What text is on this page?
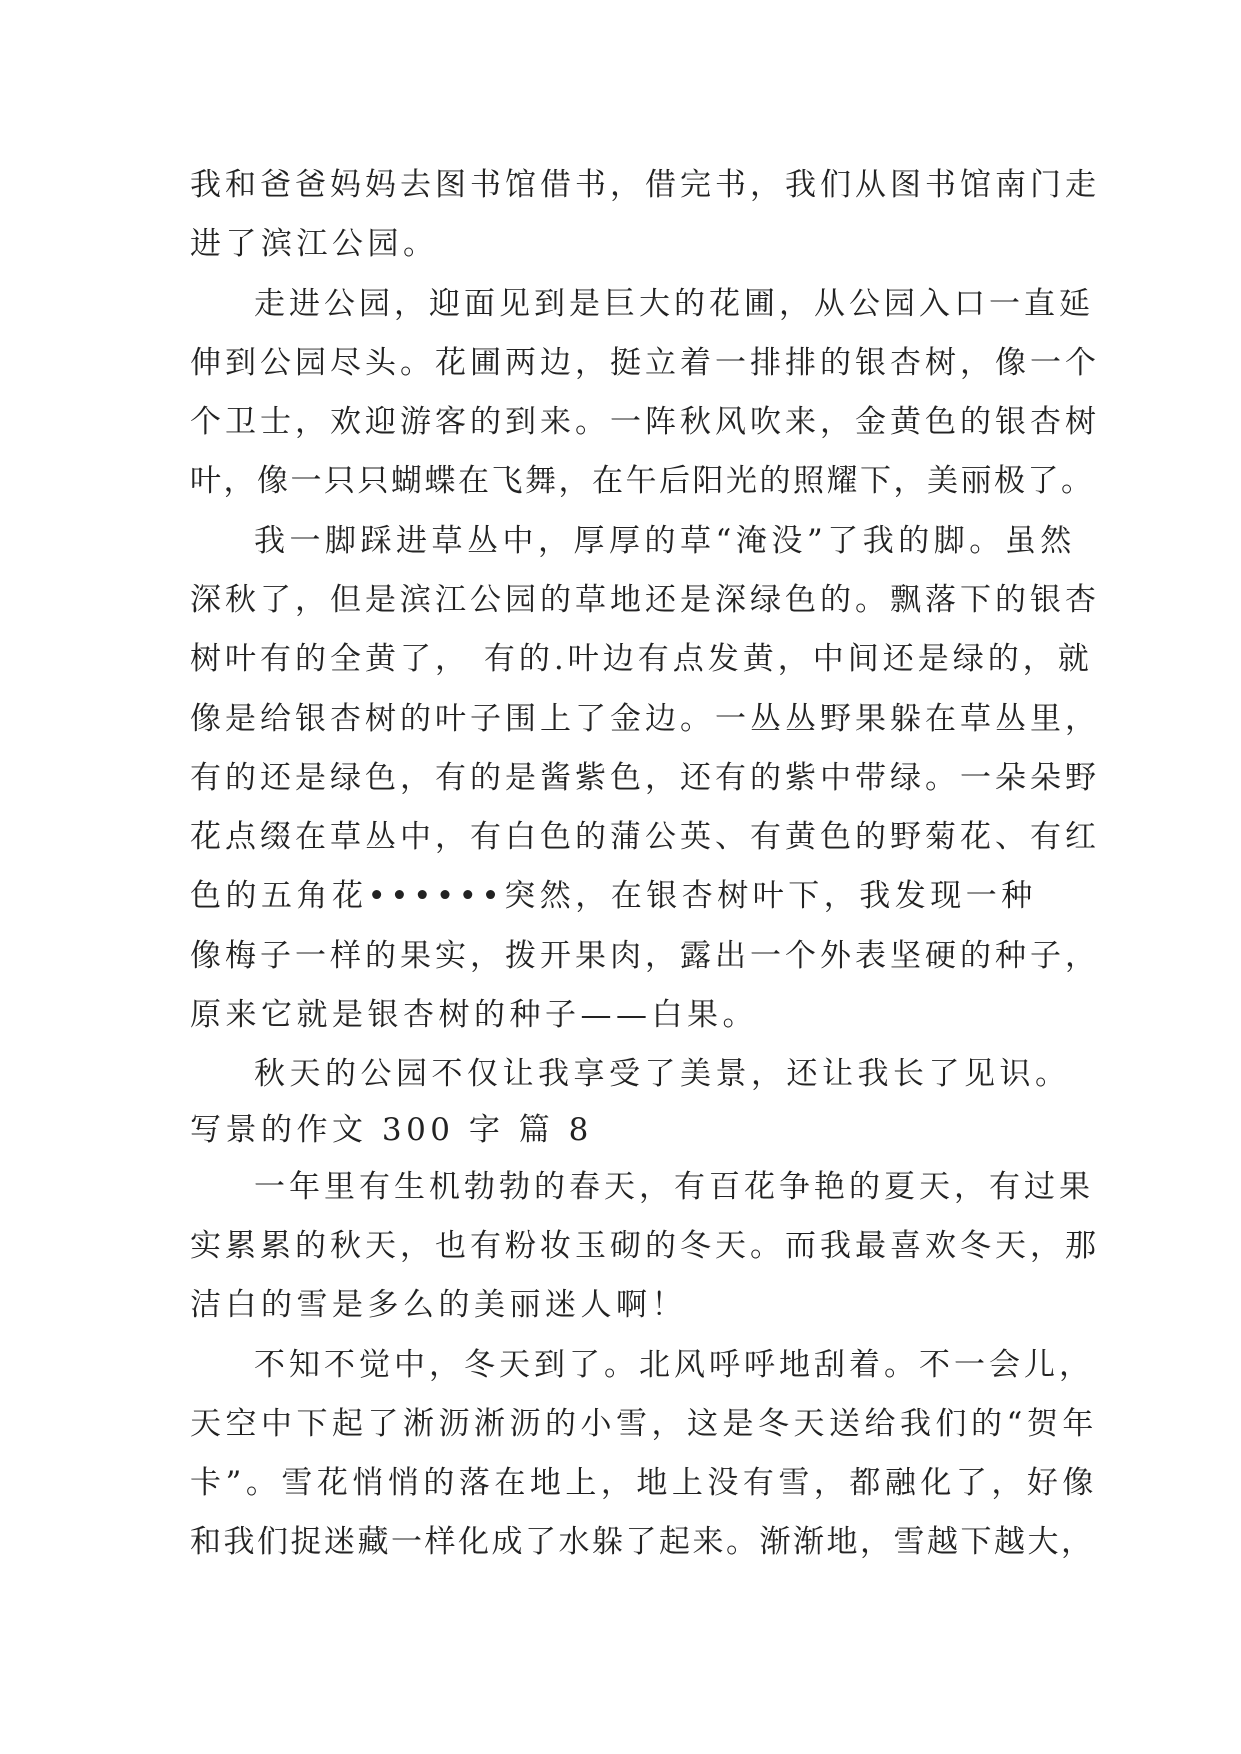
我和爸爸妈妈去图书馆借书，借完书，我们从图书馆南门走
进了滨江公园。
走进公园，迎面见到是巨大的花圃，从公园入口一直延
伸到公园尽头。花圃两边，挺立着一排排的银杏树，像一个
个卫士，欢迎游客的到来。一阵秋风吹来，金黄色的银杏树
叶，像一只只蝴蝶在飞舞，在午后阳光的照耀下，美丽极了。
我一脚踩进草丛中，厚厚的草“淹没”了我的脚。虽然
深秋了，但是滨江公园的草地还是深绿色的。飘落下的银杏
树叶有的全黄了， 有的.叶边有点发黄，中间还是绿的，就
像是给银杏树的叶子围上了金边。一丛丛野果躲在草丛里，
有的还是绿色，有的是酱紫色，还有的紫中带绿。一朵朵野
花点缀在草丛中，有白色的蒲公英、有黄色的野菊花、有红
色的五角花••••••突然，在银杏树叶下，我发现一种
像梅子一样的果实，拨开果肉，露出一个外表坚硬的种子，
原来它就是银杏树的种子——白果。
秋天的公园不仅让我享受了美景，还让我长了见识。
写景的作文 300 字 篇 8
一年里有生机勃勃的春天，有百花争艳的夏天，有过果
实累累的秋天，也有粉妆玉砌的冬天。而我最喜欢冬天，那
洁白的雪是多么的美丽迷人啊！
不知不觉中，冬天到了。北风呼呼地刮着。不一会儿，
天空中下起了淅沥淅沥的小雪，这是冬天送给我们的“贺年
卡”。雪花悄悄的落在地上，地上没有雪，都融化了，好像
和我们捉迷藏一样化成了水躲了起来。渐渐地，雪越下越大，
